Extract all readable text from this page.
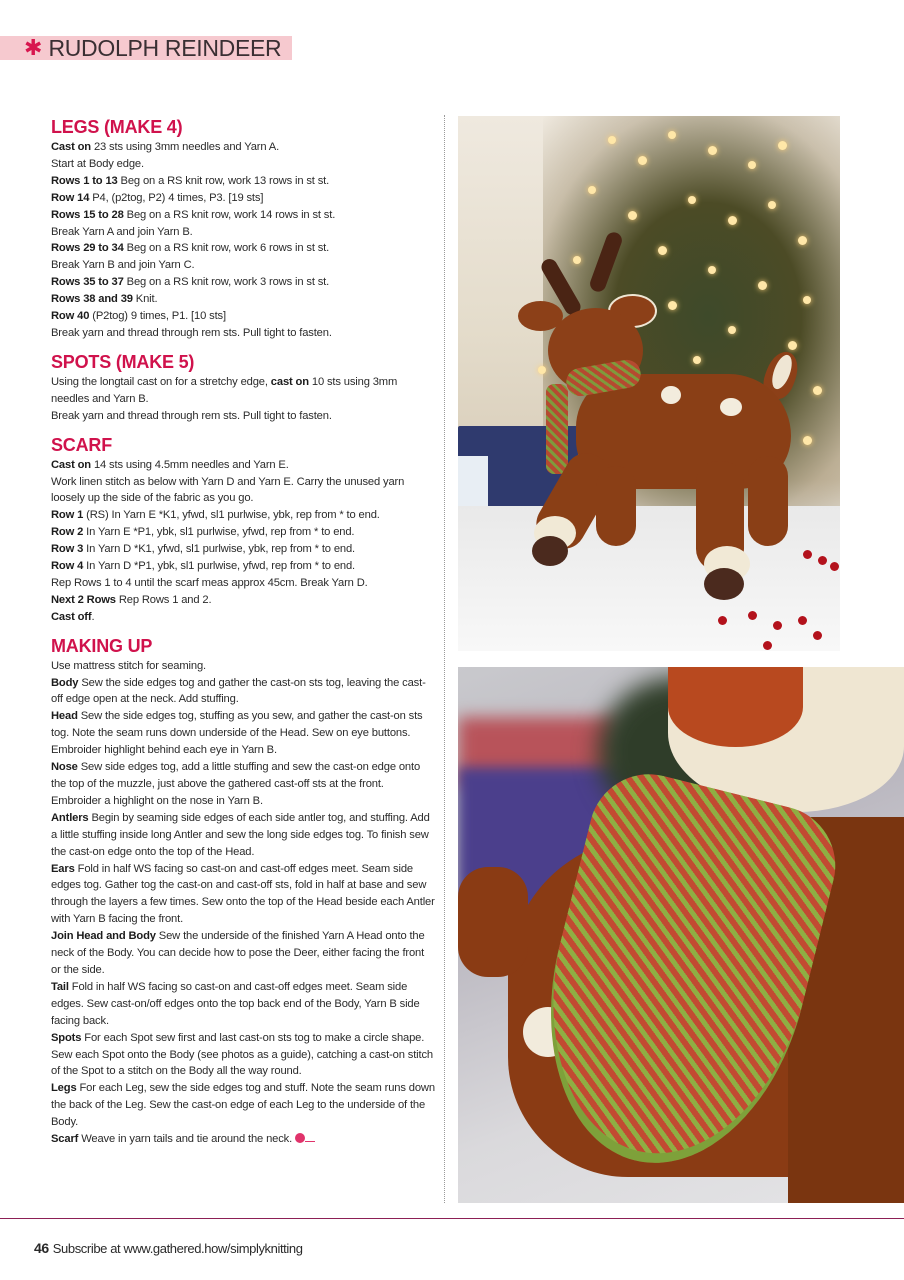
✱ RUDOLPH REINDEER
LEGS (MAKE 4)

Cast on 23 sts using 3mm needles and Yarn A.

Start at Body edge.

Rows 1 to 13 Beg on a RS knit row, work 13 rows in st st.

Row 14 P4, (p2tog, P2) 4 times, P3. [19 sts]

Rows 15 to 28 Beg on a RS knit row, work 14 rows in st st.

Break Yarn A and join Yarn B.

Rows 29 to 34 Beg on a RS knit row, work 6 rows in st st.

Break Yarn B and join Yarn C.

Rows 35 to 37 Beg on a RS knit row, work 3 rows in st st.

Rows 38 and 39 Knit.

Row 40 (P2tog) 9 times, P1. [10 sts]

Break yarn and thread through rem sts. Pull tight to fasten.

SPOTS (MAKE 5)

Using the longtail cast on for a stretchy edge, cast on 10 sts using 3mm needles and Yarn B.

Break yarn and thread through rem sts. Pull tight to fasten.

SCARF

Cast on 14 sts using 4.5mm needles and Yarn E.

Work linen stitch as below with Yarn D and Yarn E. Carry the unused yarn loosely up the side of the fabric as you go.

Row 1 (RS) In Yarn E *K1, yfwd, sl1 purlwise, ybk, rep from * to end.

Row 2 In Yarn E *P1, ybk, sl1 purlwise, yfwd, rep from * to end.

Row 3 In Yarn D *K1, yfwd, sl1 purlwise, ybk, rep from * to end.

Row 4 In Yarn D *P1, ybk, sl1 purlwise, yfwd, rep from * to end.

Rep Rows 1 to 4 until the scarf meas approx 45cm. Break Yarn D.

Next 2 Rows Rep Rows 1 and 2.

Cast off.

MAKING UP

Use mattress stitch for seaming.

Body Sew the side edges tog and gather the cast-on sts tog, leaving the cast-off edge open at the neck. Add stuffing.

Head Sew the side edges tog, stuffing as you sew, and gather the cast-on sts tog. Note the seam runs down underside of the Head. Sew on eye buttons. Embroider highlight behind each eye in Yarn B.

Nose Sew side edges tog, add a little stuffing and sew the cast-on edge onto the top of the muzzle, just above the gathered cast-off sts at the front. Embroider a highlight on the nose in Yarn B.

Antlers Begin by seaming side edges of each side antler tog, and stuffing. Add a little stuffing inside long Antler and sew the long side edges tog. To finish sew the cast-on edge onto the top of the Head.

Ears Fold in half WS facing so cast-on and cast-off edges meet. Seam side edges tog. Gather tog the cast-on and cast-off sts, fold in half at base and sew through the layers a few times. Sew onto the top of the Head beside each Antler with Yarn B facing the front.

Join Head and Body Sew the underside of the finished Yarn A Head onto the neck of the Body. You can decide how to pose the Deer, either facing the front or the side.

Tail Fold in half WS facing so cast-on and cast-off edges meet. Seam side edges. Sew cast-on/off edges onto the top back end of the Body, Yarn B side facing back.

Spots For each Spot sew first and last cast-on sts tog to make a circle shape. Sew each Spot onto the Body (see photos as a guide), catching a cast-on stitch of the Spot to a stitch on the Body all the way round.

Legs For each Leg, sew the side edges tog and stuff. Note the seam runs down the back of the Leg. Sew the cast-on edge of each Leg to the underside of the Body.

Scarf Weave in yarn tails and tie around the neck.

46 Subscribe at www.gathered.how/simplyknitting
